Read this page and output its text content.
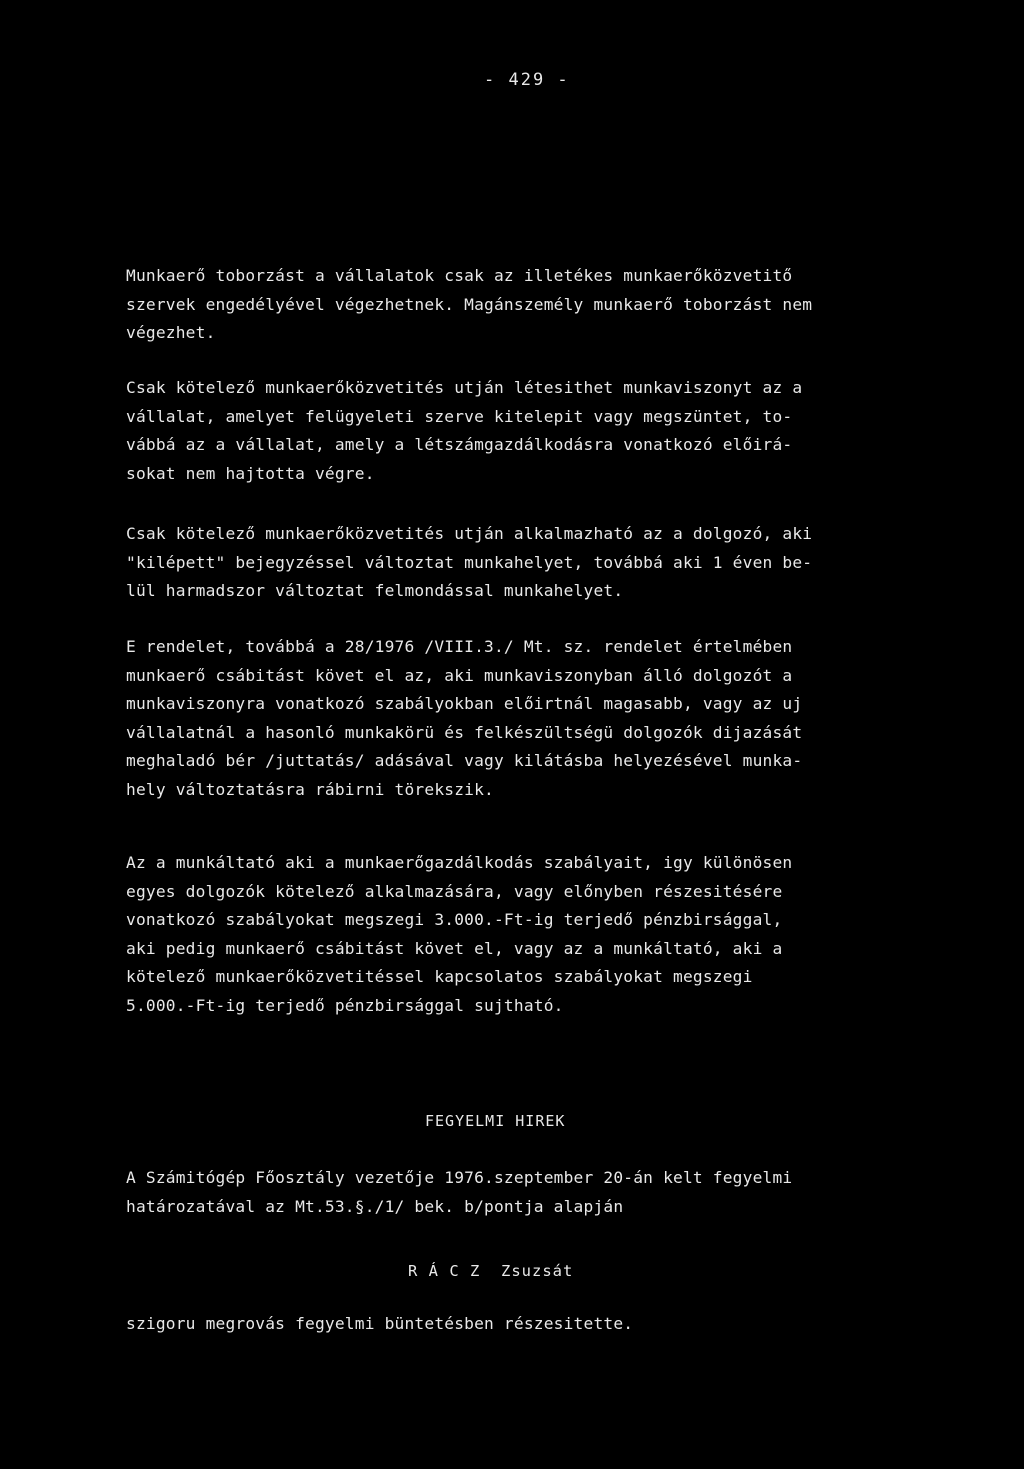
- 429 -
Munkaerő toborzást a vállalatok csak az illetékes munkaerőközvetitő
szervek engedélyével végezhetnek. Magánszemély munkaerő toborzást nem
végezhet.
Csak kötelező munkaerőközvetités utján létesithet munkaviszonyt az a
vállalat, amelyet felügyeleti szerve kitelepit vagy megszüntet, to-
vábbá az a vállalat, amely a létszámgazdálkodásra vonatkozó előirá-
sokat nem hajtotta végre.
Csak kötelező munkaerőközvetités utján alkalmazható az a dolgozó, aki
"kilépett" bejegyzéssel változtat munkahelyet, továbbá aki 1 éven be-
lül harmadszor változtat felmondással munkahelyet.
E rendelet, továbbá a 28/1976 /VIII.3./ Mt. sz. rendelet értelmében
munkaerő csábitást követ el az, aki munkaviszonyban álló dolgozót a
munkaviszonyra vonatkozó szabályokban előirtnál magasabb, vagy az uj
vállalatnál a hasonló munkakörü és felkészültségü dolgozók dijazását
meghaladó bér /juttatás/ adásával vagy kilátásba helyezésével munka-
hely változtatásra rábirni törekszik.
Az a munkáltató aki a munkaerőgazdálkodás szabályait, igy különösen
egyes dolgozók kötelező alkalmazására, vagy előnyben részesitésére
vonatkozó szabályokat megszegi 3.000.-Ft-ig terjedő pénzbirsággal,
aki pedig munkaerő csábitást követ el, vagy az a munkáltató, aki a
kötelező munkaerőközvetitéssel kapcsolatos szabályokat megszegi
5.000.-Ft-ig terjedő pénzbirsággal sujtható.
FEGYELMI HIREK
A Számitógép Főosztály vezetője 1976.szeptember 20-án kelt fegyelmi
határozatával az Mt.53.§./1/ bek. b/pontja alapján
R Á C Z  Zsuzsát
szigoru megrovás fegyelmi büntetésben részesitette.
